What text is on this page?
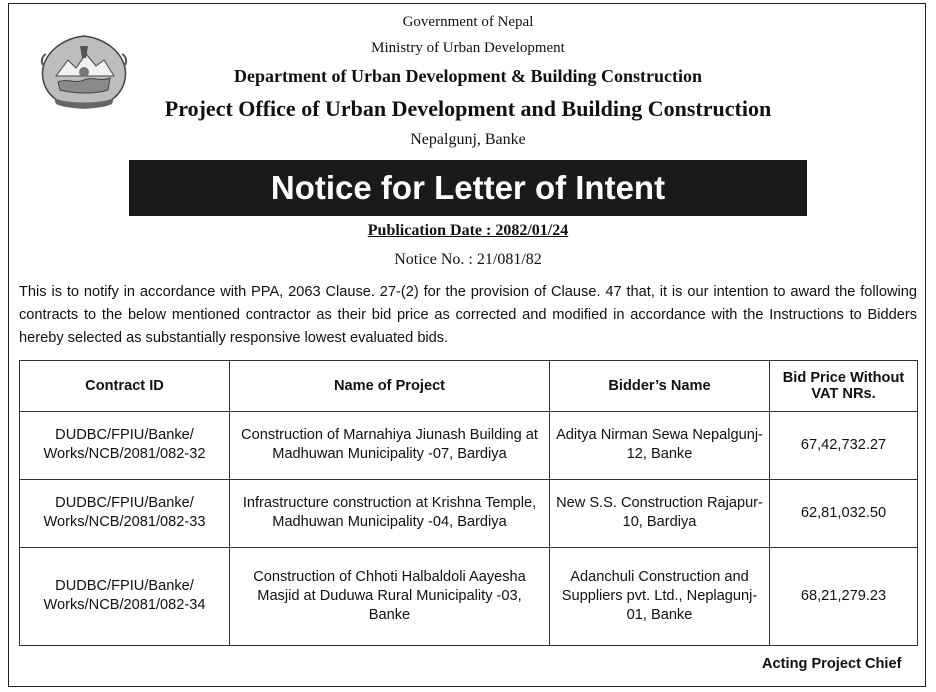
Government of Nepal
Ministry of Urban Development
Department of Urban Development & Building Construction
Project Office of Urban Development and Building Construction
Nepalgunj, Banke
Notice for Letter of Intent
Publication Date : 2082/01/24
Notice No. : 21/081/82
This is to notify in accordance with PPA, 2063 Clause. 27-(2) for the provision of Clause. 47 that, it is our intention to award the following contracts to the below mentioned contractor as their bid price as corrected and modified in accordance with the Instructions to Bidders hereby selected as substantially responsive lowest evaluated bids.
Contract ID	Name of Project	Bidder’s Name	Bid Price Without VAT NRs.
DUDBC/FPIU/Banke/ Works/NCB/2081/082-32	Construction of Marnahiya Jiunash Building at Madhuwan Municipality -07, Bardiya	Aditya Nirman Sewa Nepalgunj-12, Banke	67,42,732.27
DUDBC/FPIU/Banke/ Works/NCB/2081/082-33	Infrastructure construction at Krishna Temple, Madhuwan Municipality -04, Bardiya	New S.S. Construction Rajapur-10, Bardiya	62,81,032.50
DUDBC/FPIU/Banke/ Works/NCB/2081/082-34	Construction of Chhoti Halbaldoli Aayesha Masjid at Duduwa Rural Municipality -03, Banke	Adanchuli Construction and Suppliers pvt. Ltd., Neplagunj-01, Banke	68,21,279.23
Acting Project Chief
